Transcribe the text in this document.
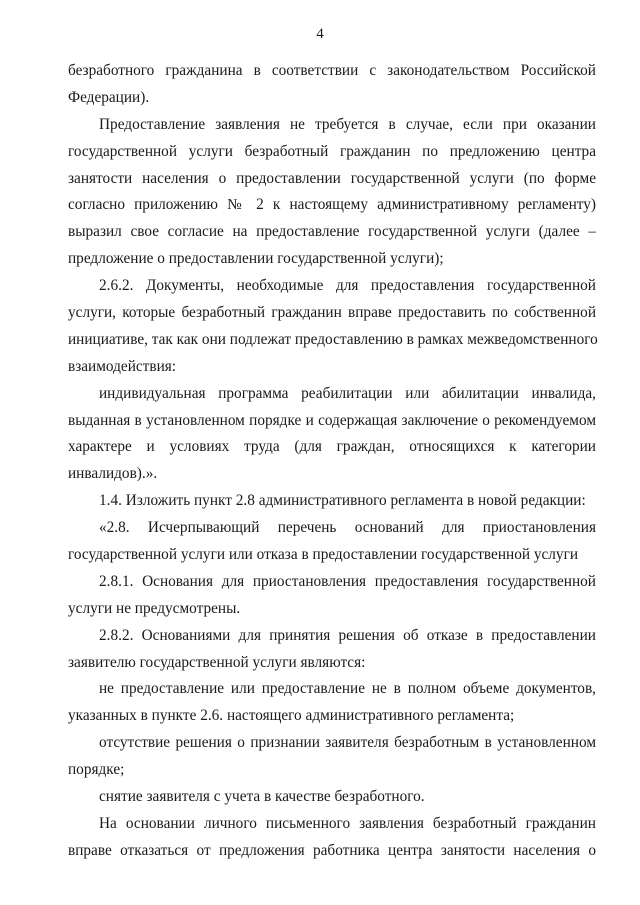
4
безработного гражданина в соответствии с законодательством Российской
Федерации).
Предоставление заявления не требуется в случае, если при оказании
государственной услуги безработный гражданин по предложению центра
занятости населения о предоставлении государственной услуги (по форме
согласно приложению № 2 к настоящему административному регламенту)
выразил свое согласие на предоставление государственной услуги (далее –
предложение о предоставлении государственной услуги);
2.6.2. Документы, необходимые для предоставления государственной
услуги, которые безработный гражданин вправе предоставить по собственной
инициативе, так как они подлежат предоставлению в рамках межведомственного
взаимодействия:
индивидуальная программа реабилитации или абилитации инвалида,
выданная в установленном порядке и содержащая заключение о рекомендуемом
характере и условиях труда (для граждан, относящихся к категории
инвалидов).».
1.4. Изложить пункт 2.8 административного регламента в новой редакции:
«2.8. Исчерпывающий перечень оснований для приостановления
государственной услуги или отказа в предоставлении государственной услуги
2.8.1. Основания для приостановления предоставления государственной
услуги не предусмотрены.
2.8.2. Основаниями для принятия решения об отказе в предоставлении
заявителю государственной услуги являются:
не предоставление или предоставление не в полном объеме документов,
указанных в пункте 2.6. настоящего административного регламента;
отсутствие решения о признании заявителя безработным в установленном
порядке;
снятие заявителя с учета в качестве безработного.
На основании личного письменного заявления безработный гражданин
вправе отказаться от предложения работника центра занятости населения о
